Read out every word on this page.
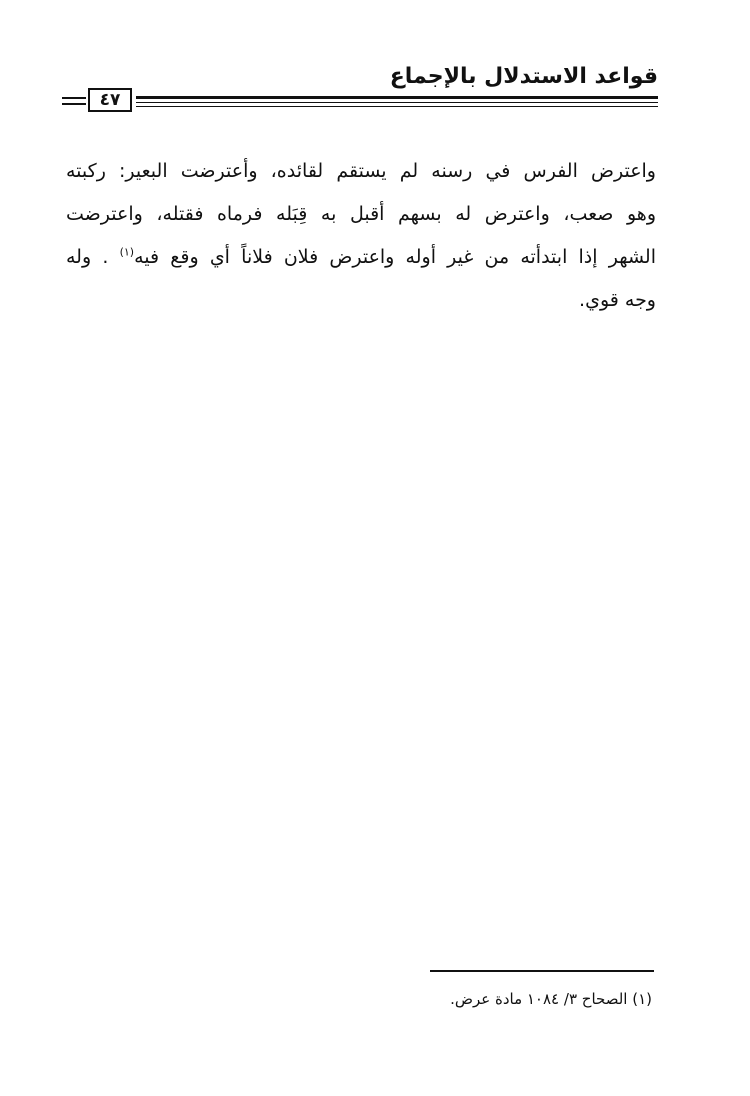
قواعد الاستدلال بالإجماع
٤٧
واعترض الفرس في رسنه لم يستقم لقائده، وأعترضت البعير: ركبته
وهو صعب، واعترض له بسهم أقبل به قِبَله فرماه فقتله، واعترضت
الشهر إذا ابتدأته من غير أوله واعترض فلان فلاناً أي وقع فيه$^{(١)}$ . وله
وجه قوي.
(١) الصحاح ٣/ ١٠٨٤ مادة عرض.
